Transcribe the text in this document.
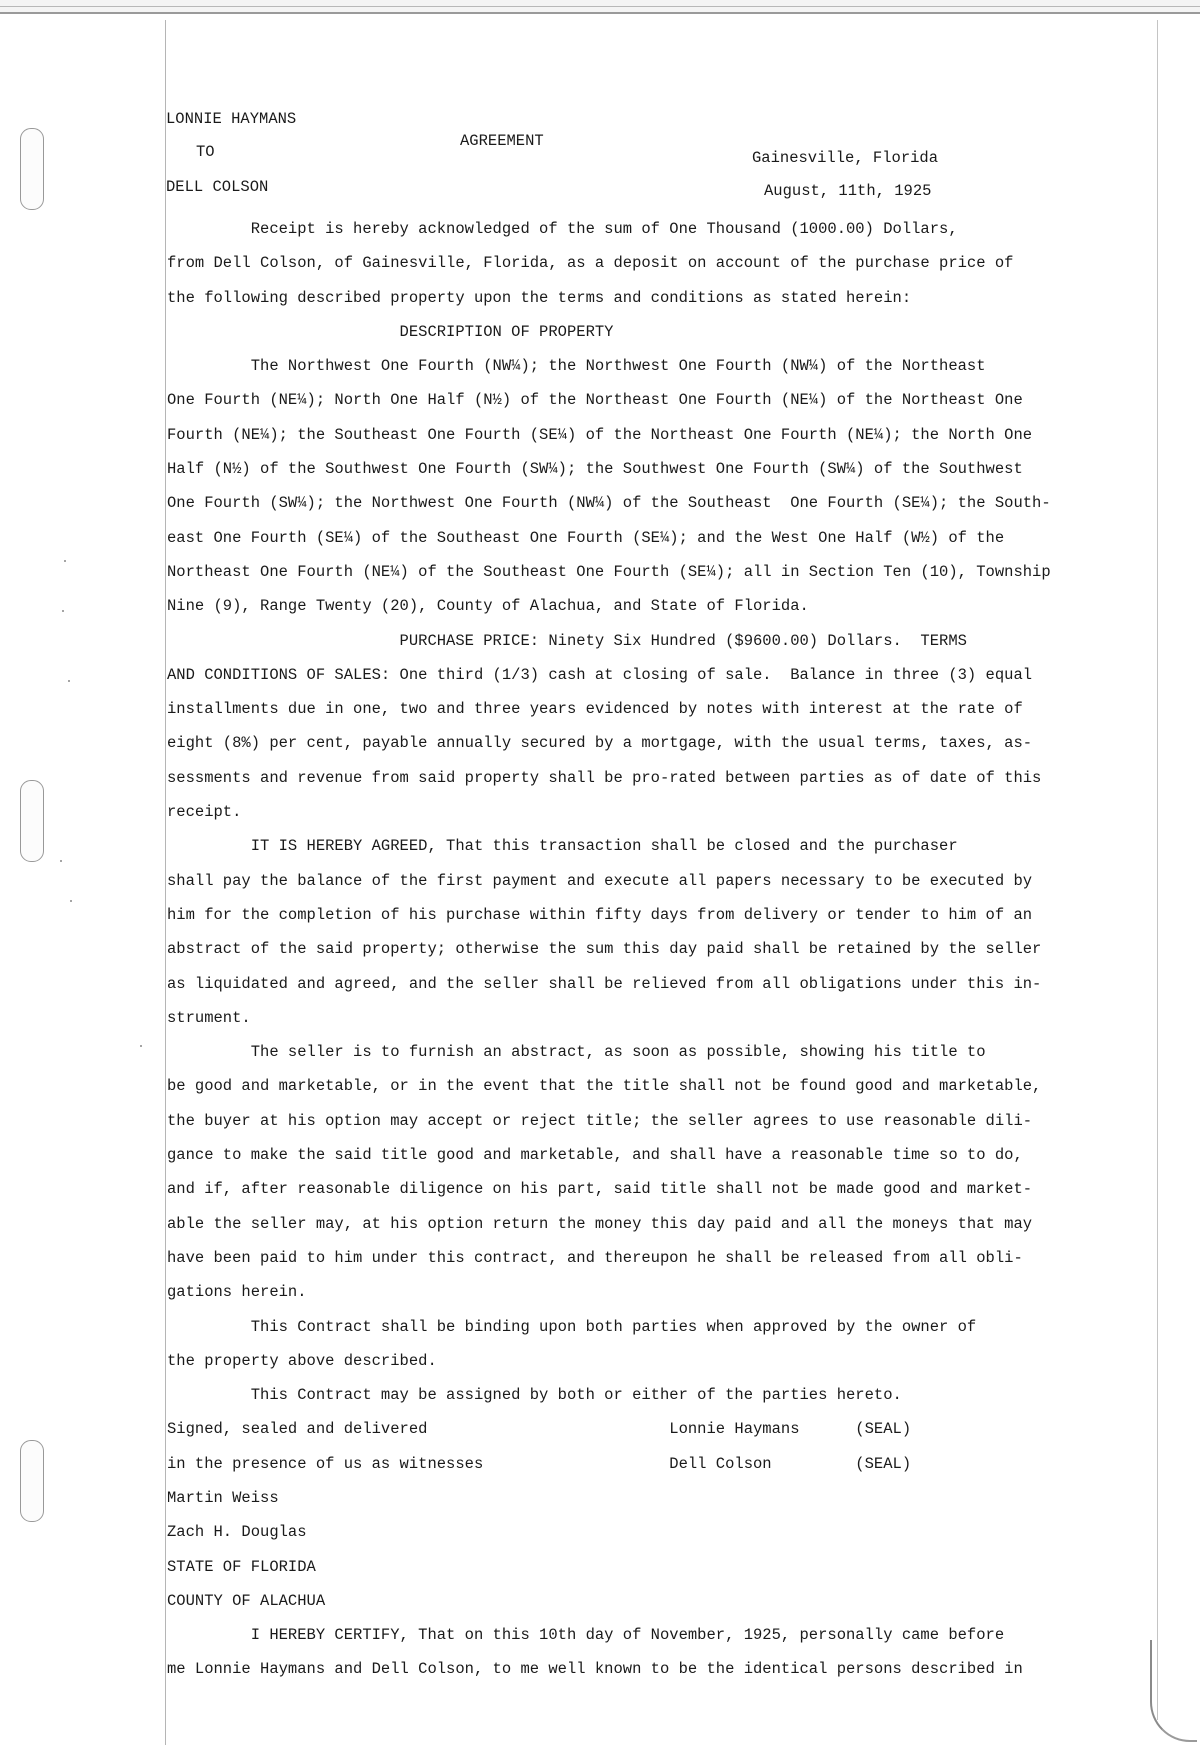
LONNIE HAYMANS
TO
DELL COLSON
AGREEMENT
Gainesville, Florida
August, 11th, 1925
Receipt is hereby acknowledged of the sum of One Thousand (1000.00) Dollars,
from Dell Colson, of Gainesville, Florida, as a deposit on account of the purchase price of
the following described property upon the terms and conditions as stated herein:
DESCRIPTION OF PROPERTY
The Northwest One Fourth (NW¼); the Northwest One Fourth (NW¼) of the Northeast
One Fourth (NE¼); North One Half (N½) of the Northeast One Fourth (NE¼) of the Northeast One
Fourth (NE¼); the Southeast One Fourth (SE¼) of the Northeast One Fourth (NE¼); the North One
Half (N½) of the Southwest One Fourth (SW¼); the Southwest One Fourth (SW¼) of the Southwest
One Fourth (SW¼); the Northwest One Fourth (NW¼) of the Southeast  One Fourth (SE¼); the South-
east One Fourth (SE¼) of the Southeast One Fourth (SE¼); and the West One Half (W½) of the
Northeast One Fourth (NE¼) of the Southeast One Fourth (SE¼); all in Section Ten (10), Township
Nine (9), Range Twenty (20), County of Alachua, and State of Florida.
PURCHASE PRICE: Ninety Six Hundred ($9600.00) Dollars.  TERMS
AND CONDITIONS OF SALES: One third (1/3) cash at closing of sale.  Balance in three (3) equal
installments due in one, two and three years evidenced by notes with interest at the rate of
eight (8%) per cent, payable annually secured by a mortgage, with the usual terms, taxes, as-
sessments and revenue from said property shall be pro-rated between parties as of date of this
receipt.
IT IS HEREBY AGREED, That this transaction shall be closed and the purchaser
shall pay the balance of the first payment and execute all papers necessary to be executed by
him for the completion of his purchase within fifty days from delivery or tender to him of an
abstract of the said property; otherwise the sum this day paid shall be retained by the seller
as liquidated and agreed, and the seller shall be relieved from all obligations under this in-
strument.
The seller is to furnish an abstract, as soon as possible, showing his title to
be good and marketable, or in the event that the title shall not be found good and marketable,
the buyer at his option may accept or reject title; the seller agrees to use reasonable dili-
gance to make the said title good and marketable, and shall have a reasonable time so to do,
and if, after reasonable diligence on his part, said title shall not be made good and market-
able the seller may, at his option return the money this day paid and all the moneys that may
have been paid to him under this contract, and thereupon he shall be released from all obli-
gations herein.
This Contract shall be binding upon both parties when approved by the owner of
the property above described.
This Contract may be assigned by both or either of the parties hereto.
Signed, sealed and delivered                          Lonnie Haymans      (SEAL)
in the presence of us as witnesses                    Dell Colson         (SEAL)
Martin Weiss
Zach H. Douglas
STATE OF FLORIDA
COUNTY OF ALACHUA
I HEREBY CERTIFY, That on this 10th day of November, 1925, personally came before
me Lonnie Haymans and Dell Colson, to me well known to be the identical persons described in
